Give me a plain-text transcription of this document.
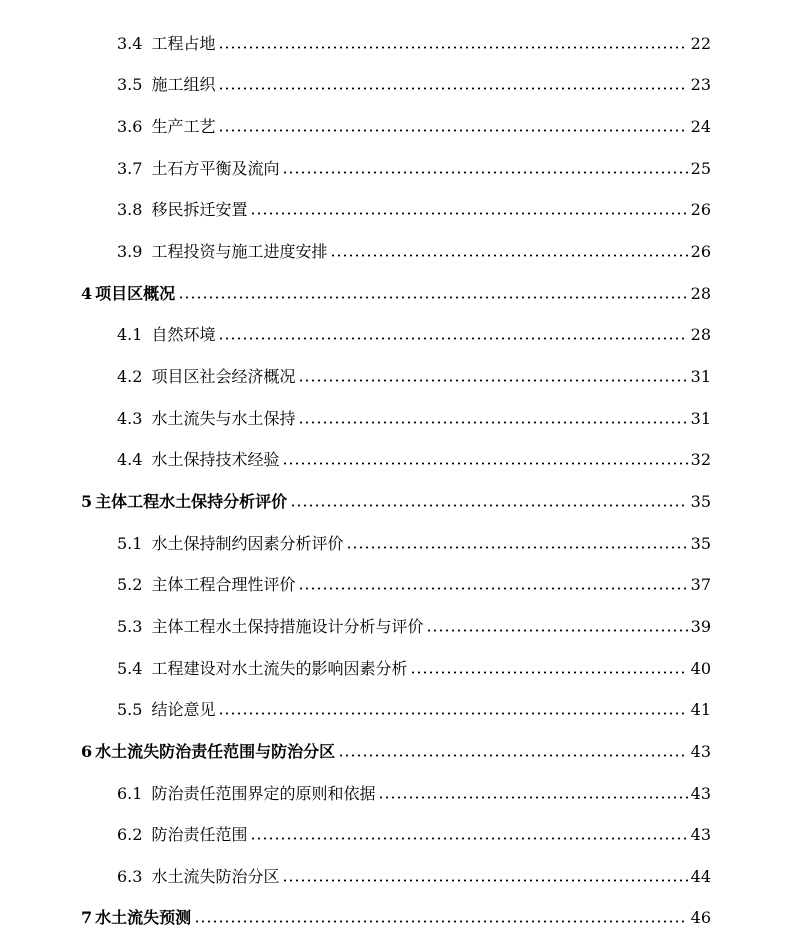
3.4 工程占地	22
3.5 施工组织	23
3.6 生产工艺	24
3.7 土石方平衡及流向	25
3.8 移民拆迁安置	26
3.9 工程投资与施工进度安排	26
4 项目区概况	28
4.1 自然环境	28
4.2 项目区社会经济概况	31
4.3 水土流失与水土保持	31
4.4 水土保持技术经验	32
5 主体工程水土保持分析评价	35
5.1 水土保持制约因素分析评价	35
5.2 主体工程合理性评价	37
5.3 主体工程水土保持措施设计分析与评价	39
5.4 工程建设对水土流失的影响因素分析	40
5.5 结论意见	41
6 水土流失防治责任范围与防治分区	43
6.1 防治责任范围界定的原则和依据	43
6.2 防治责任范围	43
6.3 水土流失防治分区	44
7 水土流失预测	46
